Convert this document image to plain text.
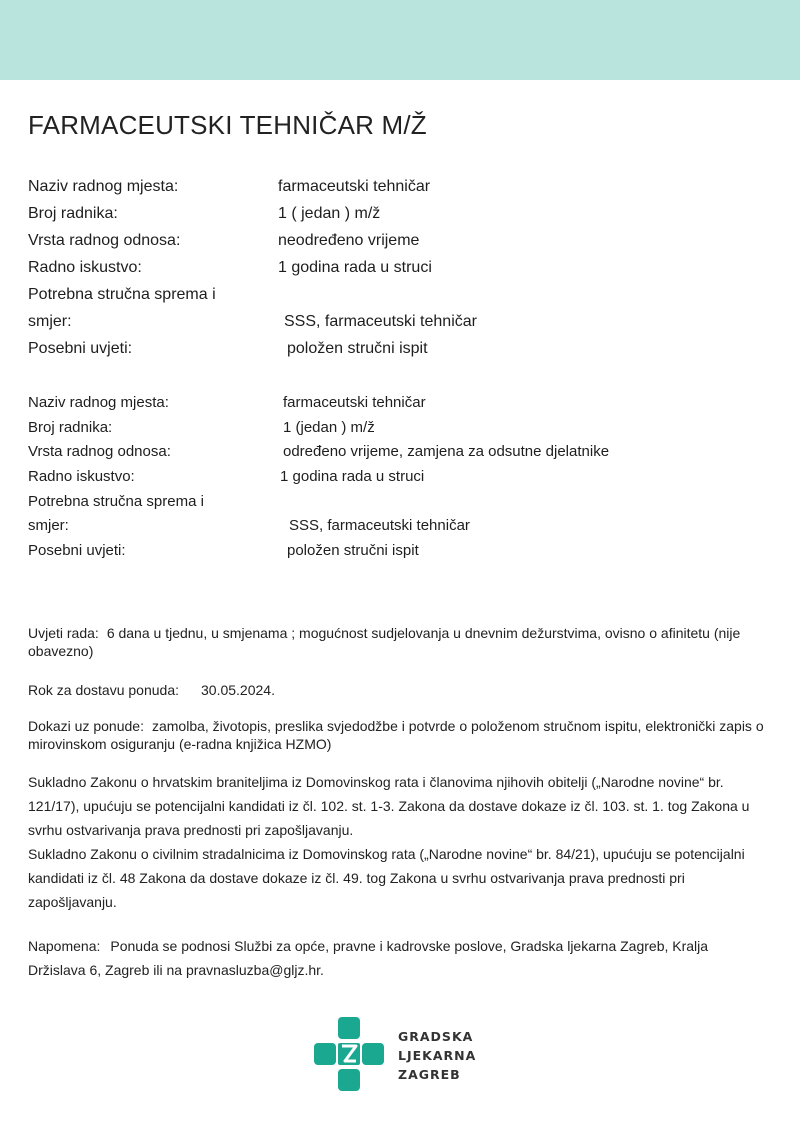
FARMACEUTSKI TEHNIČAR M/Ž
Naziv radnog mjesta:	farmaceutski tehničar
Broj radnika:	1 ( jedan ) m/ž
Vrsta radnog odnosa:	neodređeno vrijeme
Radno iskustvo:	1 godina rada u struci
Potrebna stručna sprema i
smjer:	SSS, farmaceutski tehničar
Posebni uvjeti:	položen stručni ispit
Naziv radnog mjesta:	farmaceutski tehničar
Broj radnika:	1 (jedan ) m/ž
Vrsta radnog odnosa:	određeno vrijeme, zamjena za odsutne djelatnike
Radno iskustvo:	1 godina rada u struci
Potrebna stručna sprema i
smjer:	SSS, farmaceutski tehničar
Posebni uvjeti:	položen stručni ispit
Uvjeti rada: 6 dana u tjednu, u smjenama ; mogućnost sudjelovanja u dnevnim dežurstvima, ovisno o afinitetu (nije obavezno)
Rok za dostavu ponuda: 30.05.2024.
Dokazi uz ponude: zamolba, životopis, preslika svjedodžbe i potvrde o položenom stručnom ispitu, elektronički zapis o mirovinskom osiguranju (e-radna knjižica HZMO)

Sukladno Zakonu o hrvatskim braniteljima iz Domovinskog rata i članovima njihovih obitelji („Narodne novine“ br. 121/17), upućuju se potencijalni kandidati iz čl. 102. st. 1-3. Zakona da dostave dokaze iz čl. 103. st. 1. tog Zakona u svrhu ostvarivanja prava prednosti pri zapošljavanju.

Sukladno Zakonu o civilnim stradalnicima iz Domovinskog rata („Narodne novine“ br. 84/21), upućuju se potencijalni kandidati iz čl. 48 Zakona da dostave dokaze iz čl. 49. tog Zakona u svrhu ostvarivanja prava prednosti pri zapošljavanju.

Napomena: Ponuda se podnosi Službi za opće, pravne i kadrovske poslove, Gradska ljekarna Zagreb, Kralja Držislava 6, Zagreb ili na pravnasluzba@gljz.hr.
GRADSKA
LJEKARNA
ZAGREB
